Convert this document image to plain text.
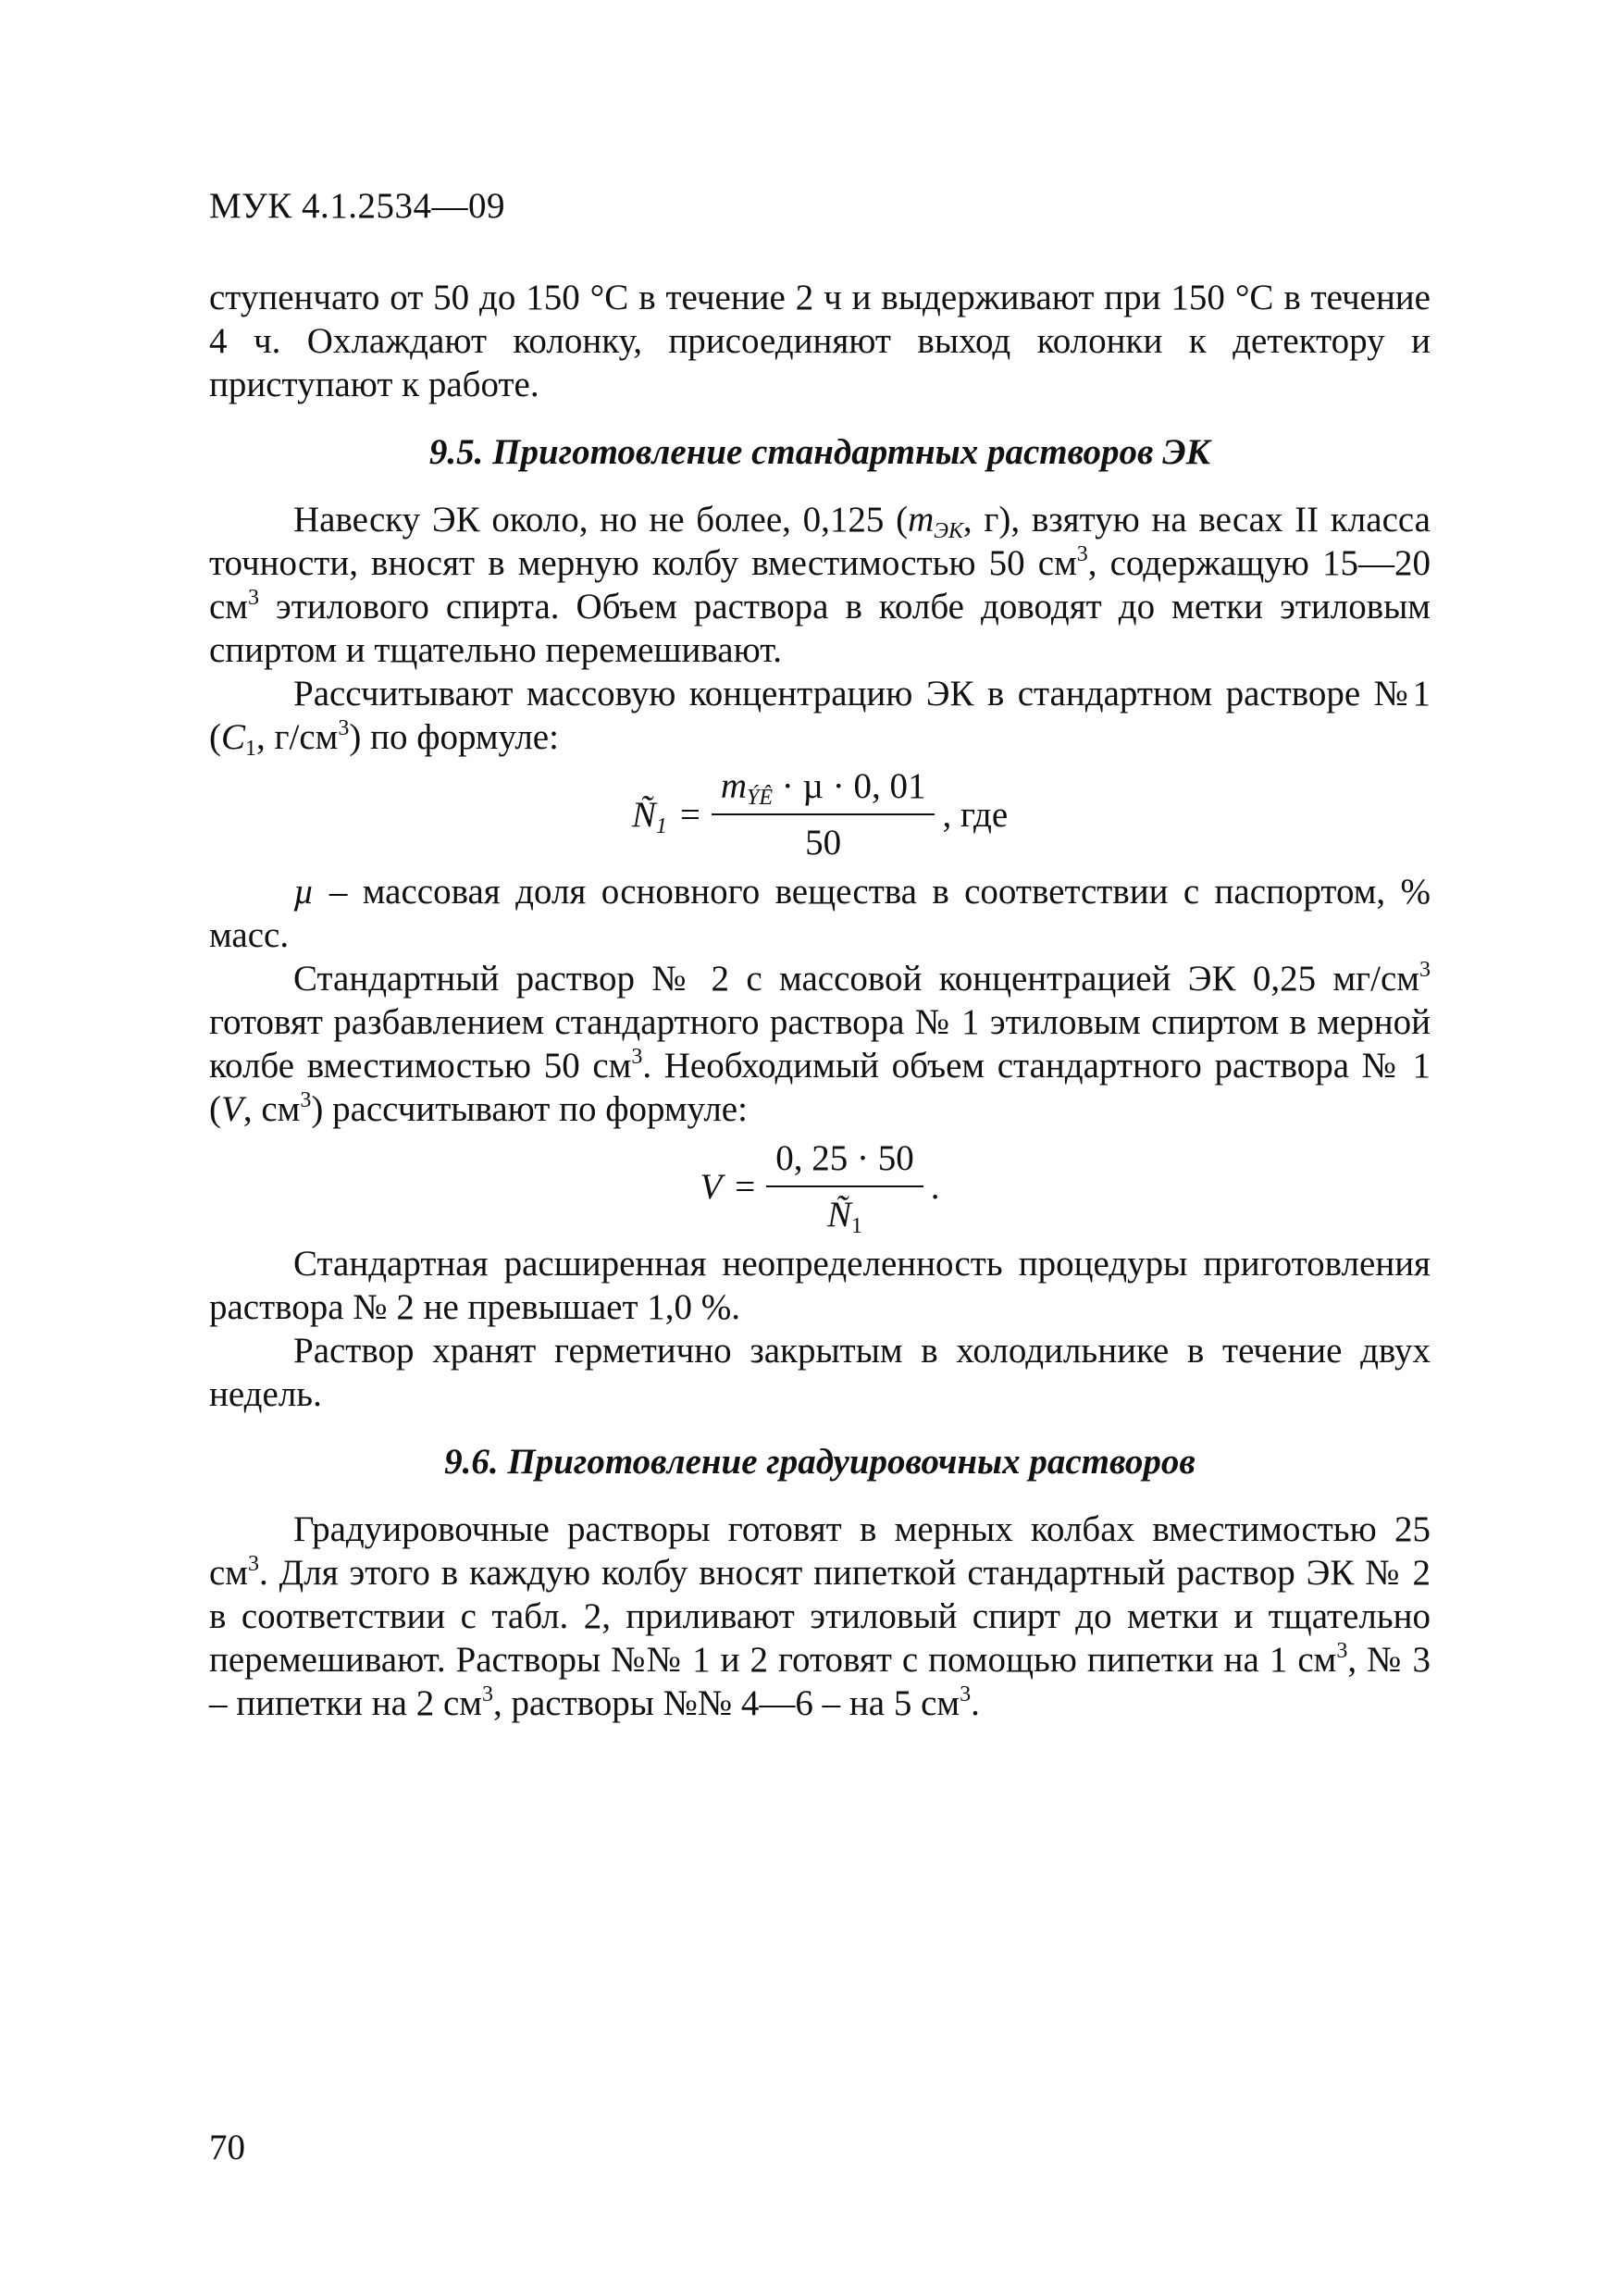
МУК 4.1.2534—09

ступенчато от 50 до 150 °С в течение 2 ч и выдерживают при 150 °С в течение 4 ч. Охлаждают колонку, присоединяют выход колонки к детектору и приступают к работе.

9.5. Приготовление стандартных растворов ЭК

Навеску ЭК около, но не более, 0,125 ($m_{ЭК}$, г), взятую на весах II класса точности, вносят в мерную колбу вместимостью 50 $см^3$, содержащую 15—20 $см^3$ этилового спирта. Объем раствора в колбе доводят до метки этиловым спиртом и тщательно перемешивают.

Рассчитывают массовую концентрацию ЭК в стандартном растворе №1 ($C_1$, $г/см^3$) по формуле:

$Ñ_1 = \frac{m_{ÝÊ} \cdot \mu \cdot 0, 01}{50}$ , где

µ – массовая доля основного вещества в соответствии с паспортом, % масс.

Стандартный раствор № 2 с массовой концентрацией ЭК 0,25 $мг/см^3$ готовят разбавлением стандартного раствора № 1 этиловым спиртом в мерной колбе вместимостью 50 $см^3$. Необходимый объем стандартного раствора № 1 (V, $см^3$) рассчитывают по формуле:

$V = \frac{0, 25 \cdot 50}{Ñ_1}$ .

Стандартная расширенная неопределенность процедуры приготовления раствора № 2 не превышает 1,0 %.

Раствор хранят герметично закрытым в холодильнике в течение двух недель.

9.6. Приготовление градуировочных растворов

Градуировочные растворы готовят в мерных колбах вместимостью 25 $см^3$. Для этого в каждую колбу вносят пипеткой стандартный раствор ЭК № 2 в соответствии с табл. 2, приливают этиловый спирт до метки и тщательно перемешивают. Растворы №№ 1 и 2 готовят с помощью пипетки на 1 $см^3$, № 3 – пипетки на 2 $см^3$, растворы №№ 4—6 – на 5 $см^3$.

70
